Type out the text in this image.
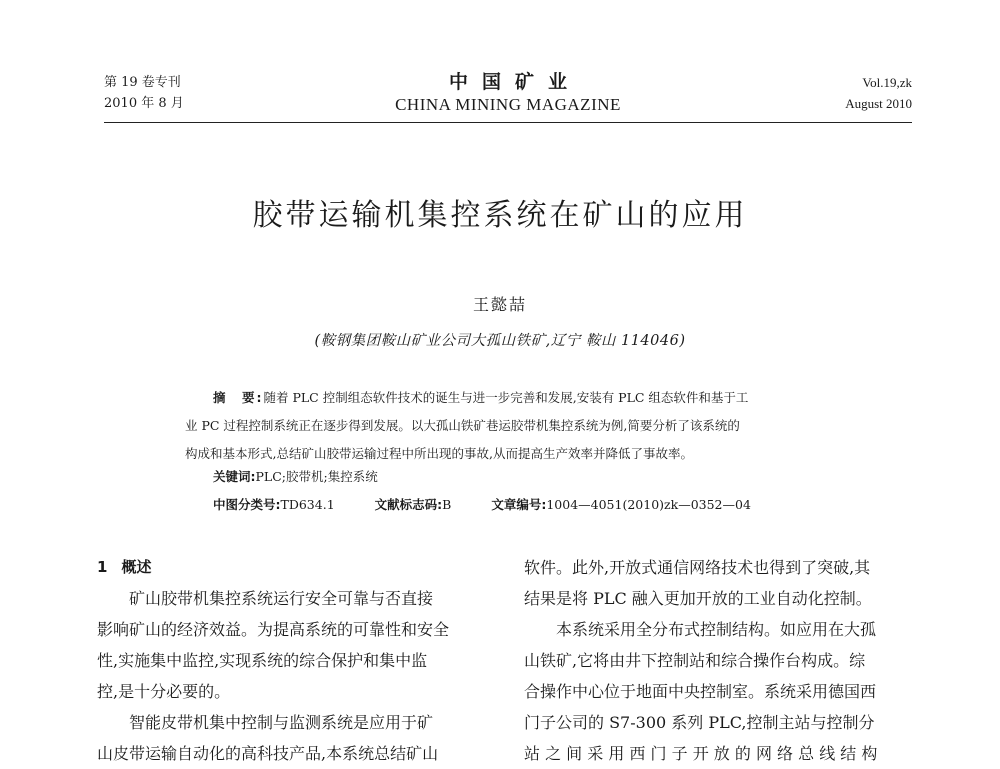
第 19 卷专刊
2010 年 8 月
中国矿业
CHINA MINING MAGAZINE
Vol.19,zk
August 2010
胶带运输机集控系统在矿山的应用
王懿喆
(鞍钢集团鞍山矿业公司大孤山铁矿,辽宁 鞍山 114046)
摘　要:随着 PLC 控制组态软件技术的诞生与进一步完善和发展,安装有 PLC 组态软件和基于工
业 PC 过程控制系统正在逐步得到发展。以大孤山铁矿巷运胶带机集控系统为例,简要分析了该系统的
构成和基本形式,总结矿山胶带运输过程中所出现的事故,从而提高生产效率并降低了事故率。
关键词:PLC;胶带机;集控系统
中图分类号:TD634.1	文献标志码:B	文章编号:1004—4051(2010)zk—0352—04
1 概述
矿山胶带机集控系统运行安全可靠与否直接
影响矿山的经济效益。为提高系统的可靠性和安全
性,实施集中监控,实现系统的综合保护和集中监
控,是十分必要的。
智能皮带机集中控制与监测系统是应用于矿
山皮带运输自动化的高科技产品,本系统总结矿山
软件。此外,开放式通信网络技术也得到了突破,其
结果是将 PLC 融入更加开放的工业自动化控制。
本系统采用全分布式控制结构。如应用在大孤
山铁矿,它将由井下控制站和综合操作台构成。综
合操作中心位于地面中央控制室。系统采用德国西
门子公司的 S7-300 系列 PLC,控制主站与控制分
站 之 间 采 用 西 门 子 开 放 的 网 络 总 线 结 构
